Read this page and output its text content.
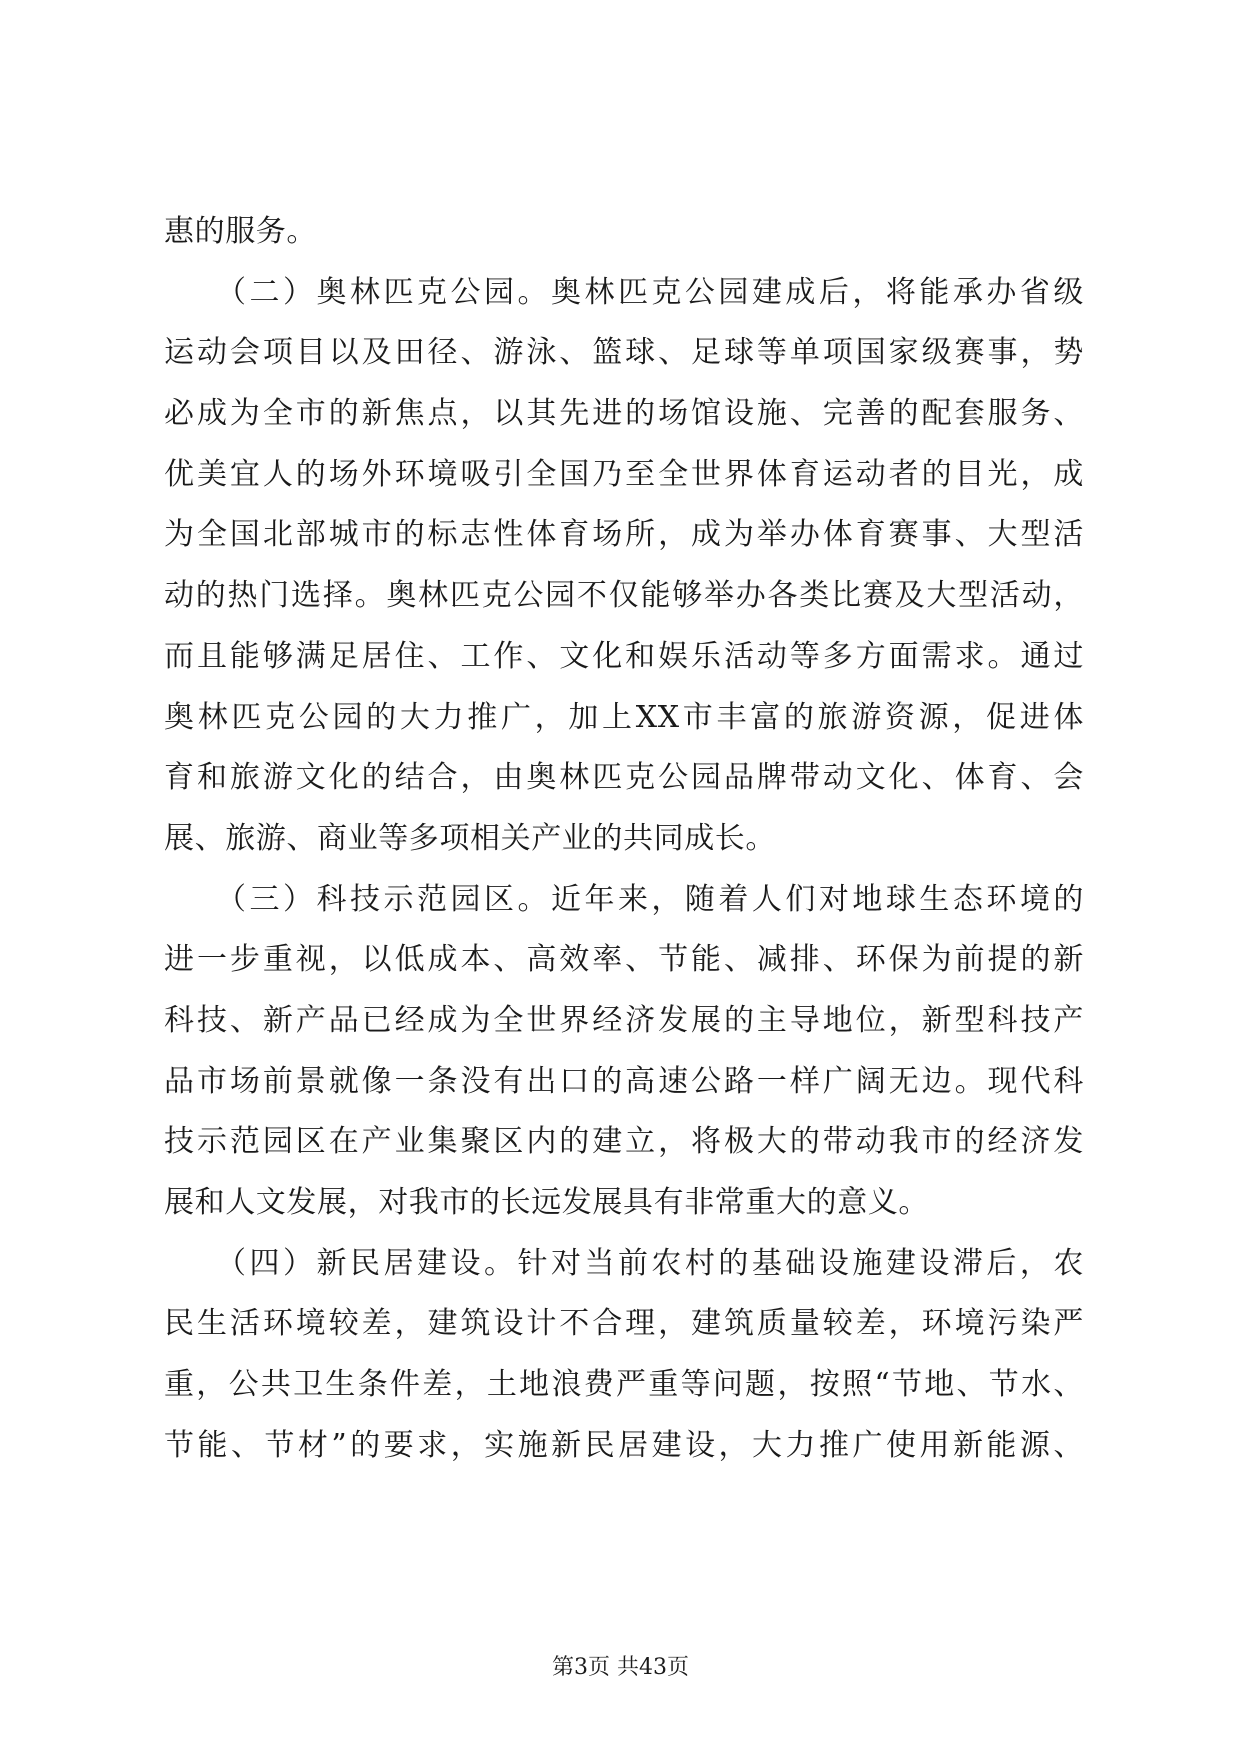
惠的服务。
　　（二）奥林匹克公园。奥林匹克公园建成后，将能承办省级
运动会项目以及田径、游泳、篮球、足球等单项国家级赛事，势
必成为全市的新焦点，以其先进的场馆设施、完善的配套服务、
优美宜人的场外环境吸引全国乃至全世界体育运动者的目光，成
为全国北部城市的标志性体育场所，成为举办体育赛事、大型活
动的热门选择。奥林匹克公园不仅能够举办各类比赛及大型活动，
而且能够满足居住、工作、文化和娱乐活动等多方面需求。通过
奥林匹克公园的大力推广，加上XX市丰富的旅游资源，促进体
育和旅游文化的结合，由奥林匹克公园品牌带动文化、体育、会
展、旅游、商业等多项相关产业的共同成长。
　　（三）科技示范园区。近年来，随着人们对地球生态环境的
进一步重视，以低成本、高效率、节能、减排、环保为前提的新
科技、新产品已经成为全世界经济发展的主导地位，新型科技产
品市场前景就像一条没有出口的高速公路一样广阔无边。现代科
技示范园区在产业集聚区内的建立，将极大的带动我市的经济发
展和人文发展，对我市的长远发展具有非常重大的意义。
　　（四）新民居建设。针对当前农村的基础设施建设滞后，农
民生活环境较差，建筑设计不合理，建筑质量较差，环境污染严
重，公共卫生条件差，土地浪费严重等问题，按照“节地、节水、
节能、节材”的要求，实施新民居建设，大力推广使用新能源、
第3页 共43页
